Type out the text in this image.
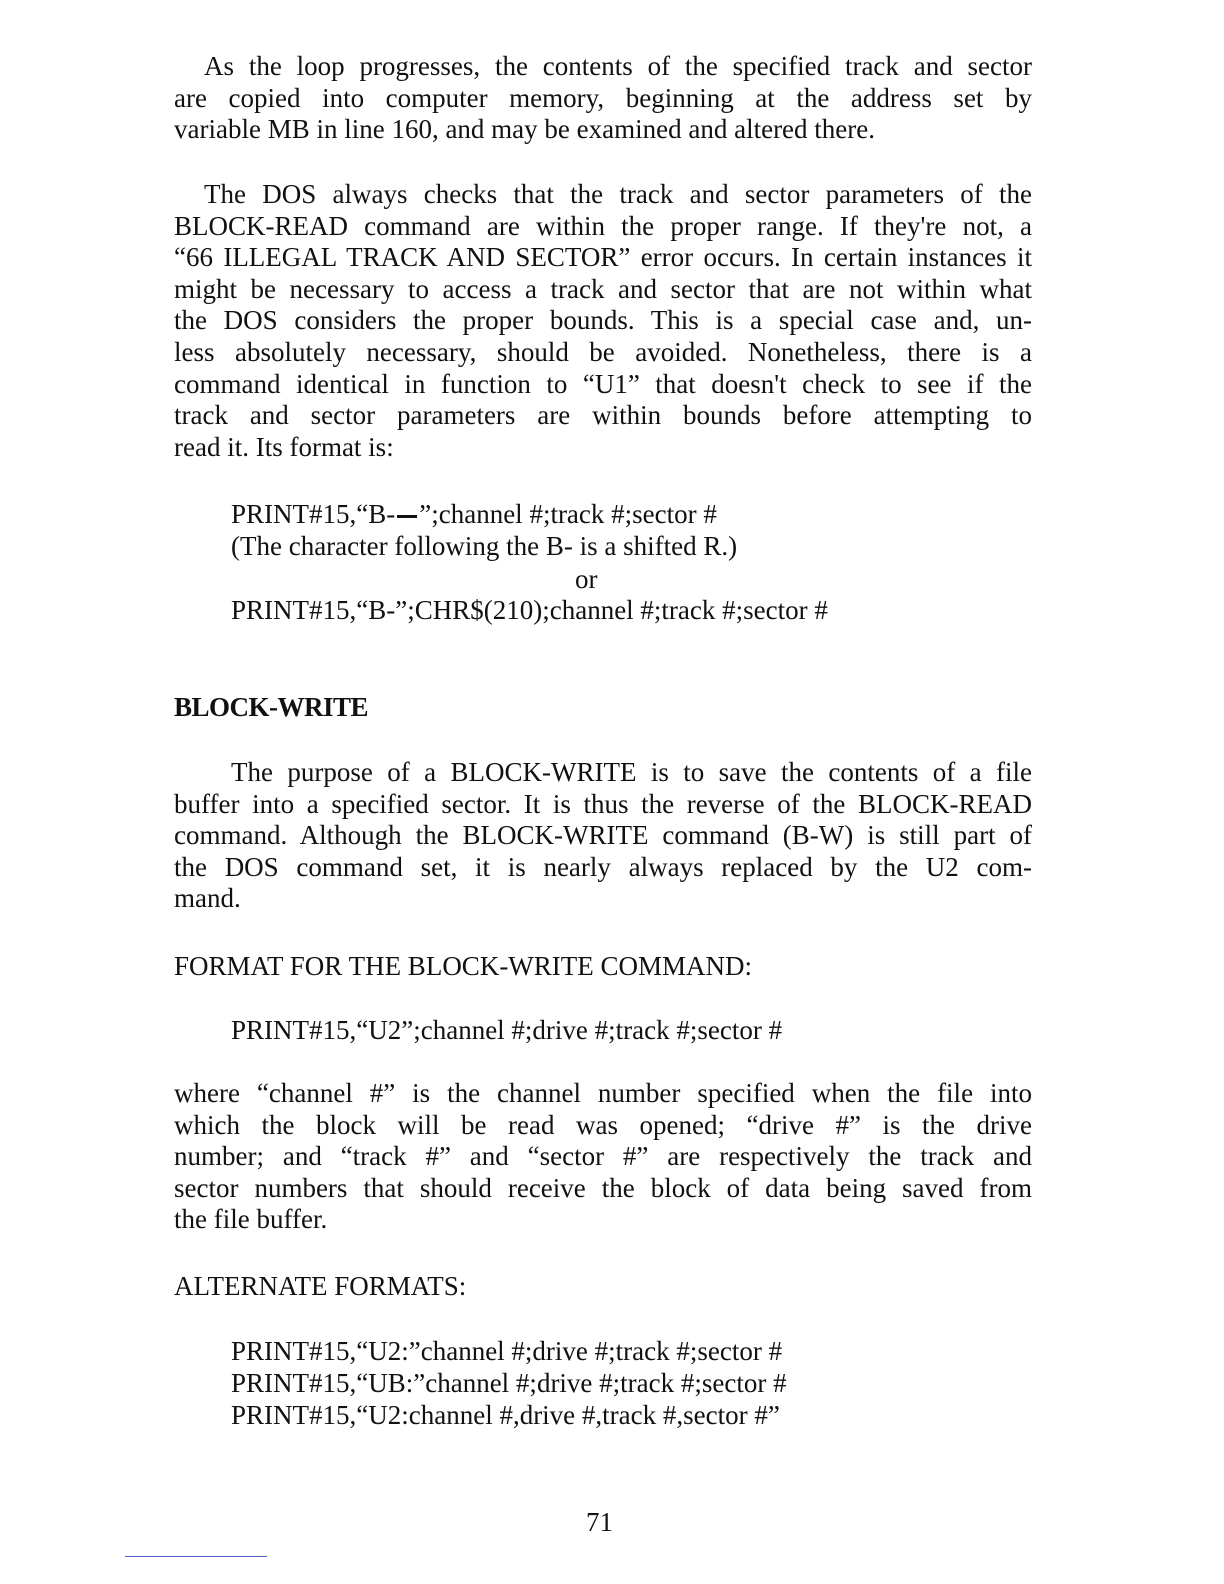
As the loop progresses, the contents of the specified track and sector
are copied into computer memory, beginning at the address set by
variable MB in line 160, and may be examined and altered there.
The DOS always checks that the track and sector parameters of the
BLOCK-READ command are within the proper range. If they're not, a
“66 ILLEGAL TRACK AND SECTOR” error occurs. In certain instances it
might be necessary to access a track and sector that are not within what
the DOS considers the proper bounds. This is a special case and, un-
less absolutely necessary, should be avoided. Nonetheless, there is a
command identical in function to “U1” that doesn't check to see if the
track and sector parameters are within bounds before attempting to
read it. Its format is:
PRINT#15,“B- ”;channel #;track #;sector #
(The character following the B- is a shifted R.)
or
PRINT#15,“B-”;CHR$(210);channel #;track #;sector #
BLOCK-WRITE
The purpose of a BLOCK-WRITE is to save the contents of a file
buffer into a specified sector. It is thus the reverse of the BLOCK-READ
command. Although the BLOCK-WRITE command (B-W) is still part of
the DOS command set, it is nearly always replaced by the U2 com-
mand.
FORMAT FOR THE BLOCK-WRITE COMMAND:
PRINT#15,“U2”;channel #;drive #;track #;sector #
where “channel #” is the channel number specified when the file into
which the block will be read was opened; “drive #” is the drive
number; and “track #” and “sector #” are respectively the track and
sector numbers that should receive the block of data being saved from
the file buffer.
ALTERNATE FORMATS:
PRINT#15,“U2:”channel #;drive #;track #;sector #
PRINT#15,“UB:”channel #;drive #;track #;sector #
PRINT#15,“U2:channel #,drive #,track #,sector #”
71
